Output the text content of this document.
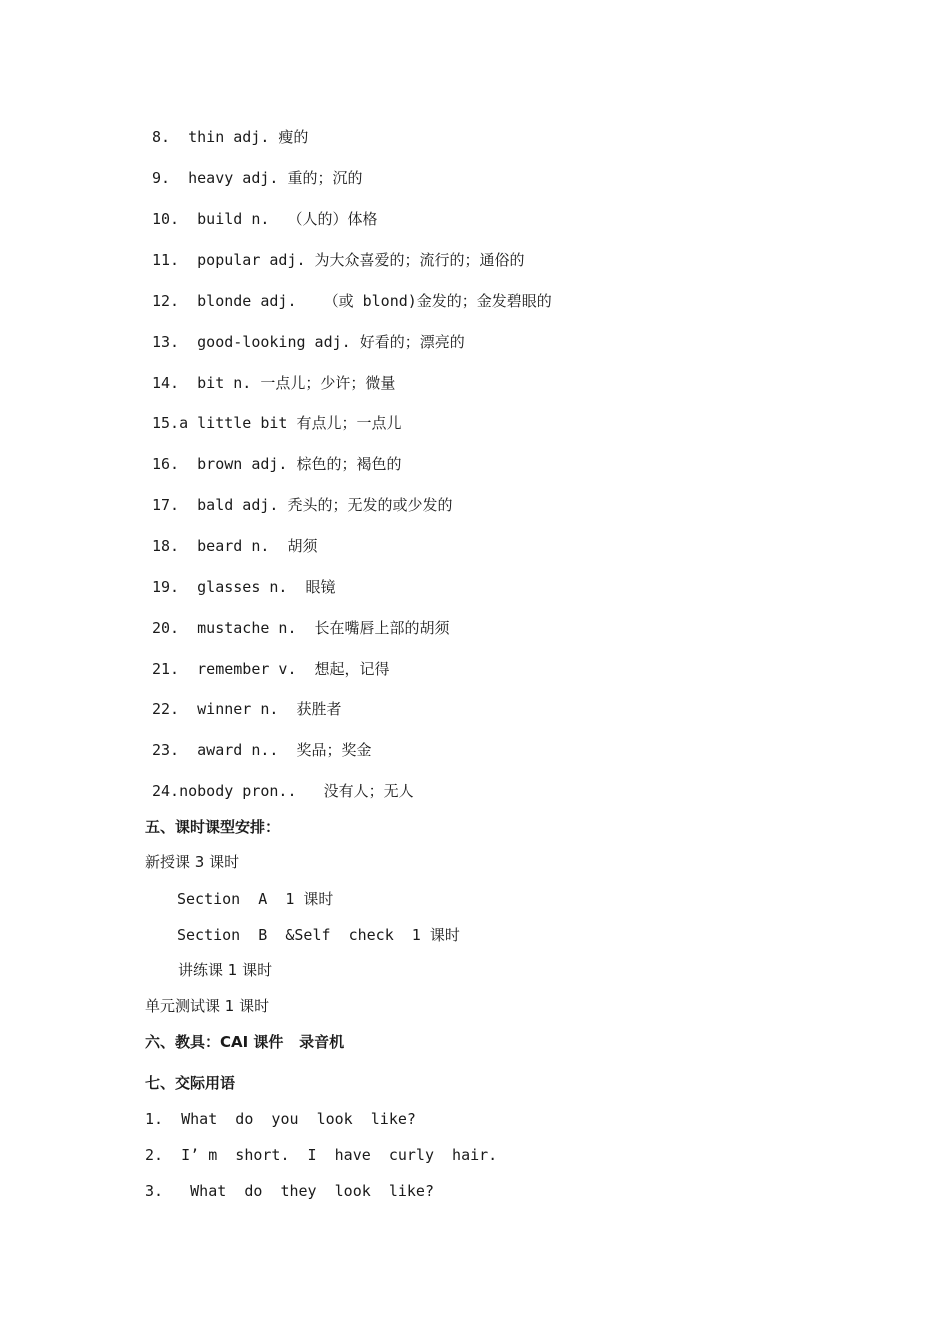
8.  thin adj. 瘦的
9.  heavy adj. 重的；沉的
10.  build n.  （人的）体格
11.  popular adj. 为大众喜爱的；流行的；通俗的
12.  blonde adj.   （或 blond)金发的；金发碧眼的
13.  good-looking adj. 好看的；漂亮的
14.  bit n. 一点儿；少许；微量
15.a little bit 有点儿；一点儿
16.  brown adj. 棕色的；褐色的
17.  bald adj. 秃头的；无发的或少发的
18.  beard n.  胡须
19.  glasses n.  眼镜
20.  mustache n.  长在嘴唇上部的胡须
21.  remember v.  想起，记得
22.  winner n.  获胜者
23.  award n..  奖品；奖金
24.nobody pron..   没有人；无人
五、课时课型安排：
新授课 3 课时
Section  A  1 课时
Section  B  &Self  check  1 课时
讲练课 1 课时
单元测试课 1 课时
六、教具：CAI 课件   录音机
七、交际用语
1.  What  do  you  look  like?
2.  I’ m  short.  I  have  curly  hair.
3.   What  do  they  look  like?
